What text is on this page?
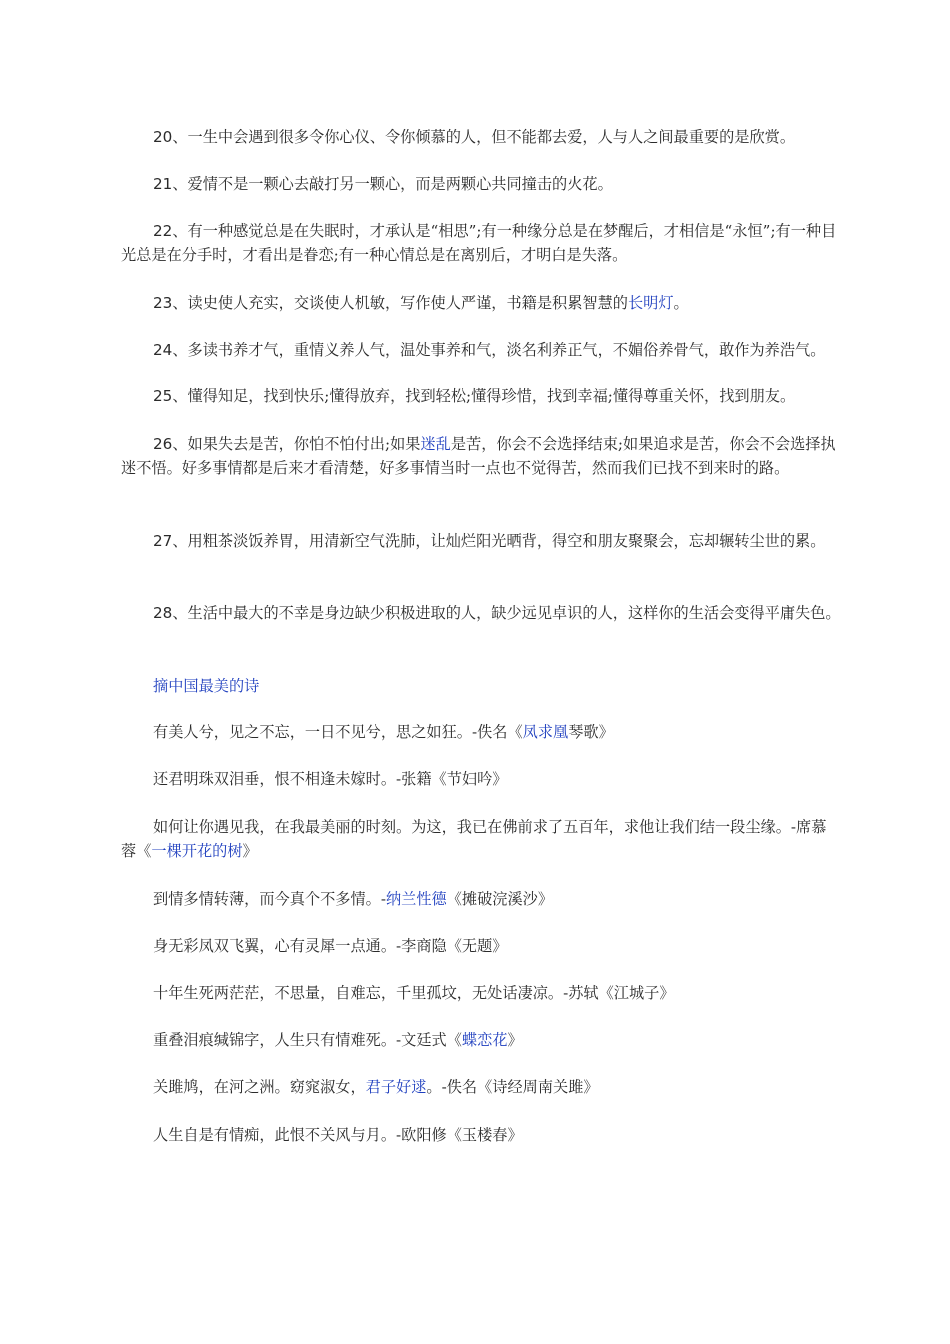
20、一生中会遇到很多令你心仪、令你倾慕的人，但不能都去爱，人与人之间最重要的是欣赏。

21、爱情不是一颗心去敲打另一颗心，而是两颗心共同撞击的火花。

22、有一种感觉总是在失眠时，才承认是“相思”;有一种缘分总是在梦醒后，才相信是“永恒”;有一种目光总是在分手时，才看出是眷恋;有一种心情总是在离别后，才明白是失落。

23、读史使人充实，交谈使人机敏，写作使人严谨，书籍是积累智慧的长明灯。

24、多读书养才气，重情义养人气，温处事养和气，淡名利养正气，不媚俗养骨气，敢作为养浩气。

25、懂得知足，找到快乐;懂得放弃，找到轻松;懂得珍惜，找到幸福;懂得尊重关怀，找到朋友。

26、如果失去是苦，你怕不怕付出;如果迷乱是苦，你会不会选择结束;如果追求是苦，你会不会选择执迷不悟。好多事情都是后来才看清楚，好多事情当时一点也不觉得苦，然而我们已找不到来时的路。

27、用粗茶淡饭养胃，用清新空气洗肺，让灿烂阳光晒背，得空和朋友聚聚会，忘却辗转尘世的累。

28、生活中最大的不幸是身边缺少积极进取的人，缺少远见卓识的人，这样你的生活会变得平庸失色。

摘中国最美的诗

有美人兮，见之不忘，一日不见兮，思之如狂。-佚名《凤求凰琴歌》

还君明珠双泪垂，恨不相逢未嫁时。-张籍《节妇吟》

如何让你遇见我，在我最美丽的时刻。为这，我已在佛前求了五百年，求他让我们结一段尘缘。-席慕蓉《一棵开花的树》

到情多情转薄，而今真个不多情。-纳兰性德《摊破浣溪沙》

身无彩凤双飞翼，心有灵犀一点通。-李商隐《无题》

十年生死两茫茫，不思量，自难忘，千里孤坟，无处话凄凉。-苏轼《江城子》

重叠泪痕缄锦字，人生只有情难死。-文廷式《蝶恋花》

关雎鸠，在河之洲。窈窕淑女，君子好逑。-佚名《诗经周南关雎》

人生自是有情痴，此恨不关风与月。-欧阳修《玉楼春》
